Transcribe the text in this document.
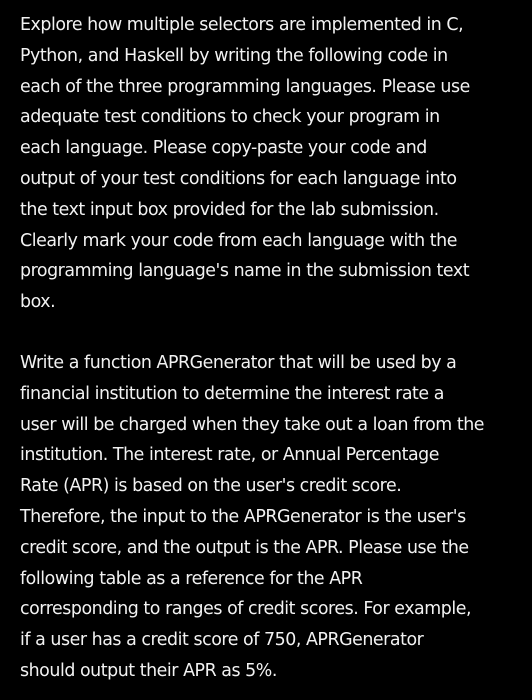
Explore how multiple selectors are implemented in C,
Python, and Haskell by writing the following code in
each of the three programming languages. Please use
adequate test conditions to check your program in
each language. Please copy-paste your code and
output of your test conditions for each language into
the text input box provided for the lab submission.
Clearly mark your code from each language with the
programming language's name in the submission text
box.

Write a function APRGenerator that will be used by a
financial institution to determine the interest rate a
user will be charged when they take out a loan from the
institution. The interest rate, or Annual Percentage
Rate (APR) is based on the user's credit score.
Therefore, the input to the APRGenerator is the user's
credit score, and the output is the APR. Please use the
following table as a reference for the APR
corresponding to ranges of credit scores. For example,
if a user has a credit score of 750, APRGenerator
should output their APR as 5%.
